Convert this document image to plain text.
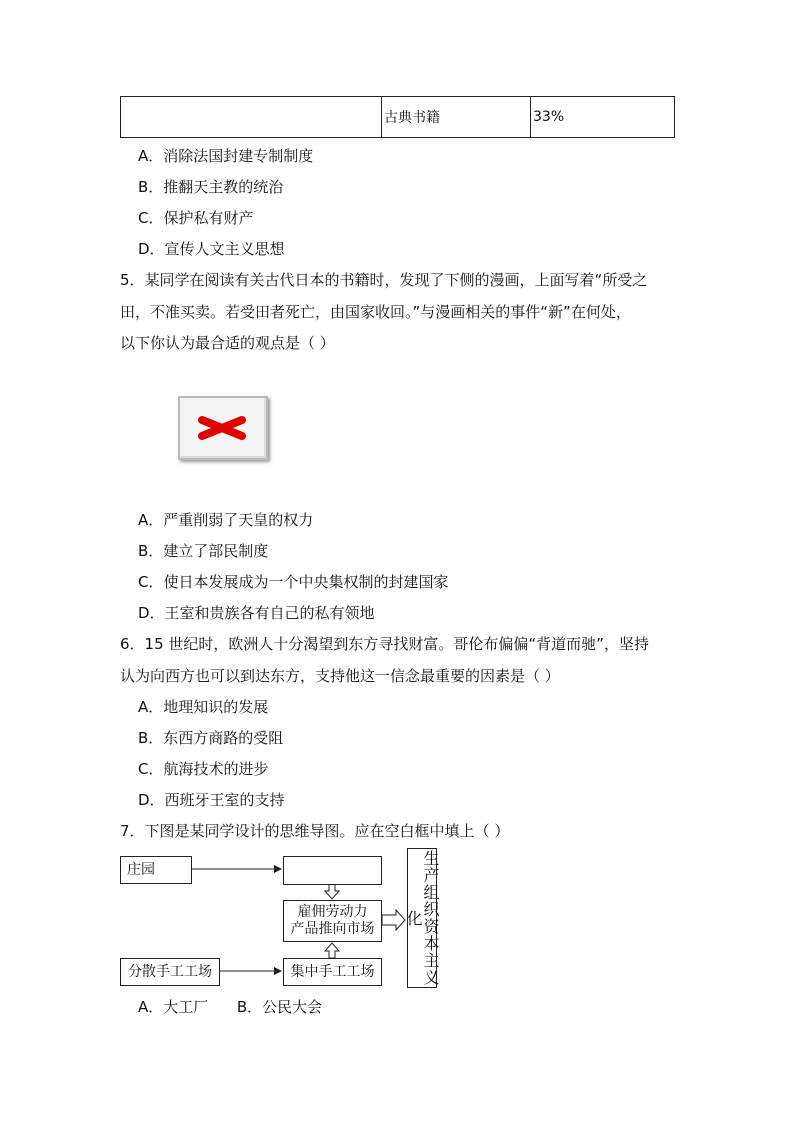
	古典书籍	33%
A．消除法国封建专制制度
B．推翻天主教的统治
C．保护私有财产
D．宣传人文主义思想
5．某同学在阅读有关古代日本的书籍时，发现了下侧的漫画，上面写着“所受之
田，不准买卖。若受田者死亡，由国家收回。”与漫画相关的事件“新”在何处，
以下你认为最合适的观点是（ ）
A．严重削弱了天皇的权力
B．建立了部民制度
C．使日本发展成为一个中央集权制的封建国家
D．王室和贵族各有自己的私有领地
6．15 世纪时，欧洲人十分渴望到东方寻找财富。哥伦布偏偏“背道而驰”，坚持
认为向西方也可以到达东方，支持他这一信念最重要的因素是（ ）
A．地理知识的发展
B．东西方商路的受阻
C．航海技术的进步
D．西班牙王室的支持
7．下图是某同学设计的思维导图。应在空白框中填上（ ）
庄园
雇佣劳动力
产品推向市场
分散手工工场	集中手工工场	生产组织资本主义化
A．大工厂      B．公民大会
